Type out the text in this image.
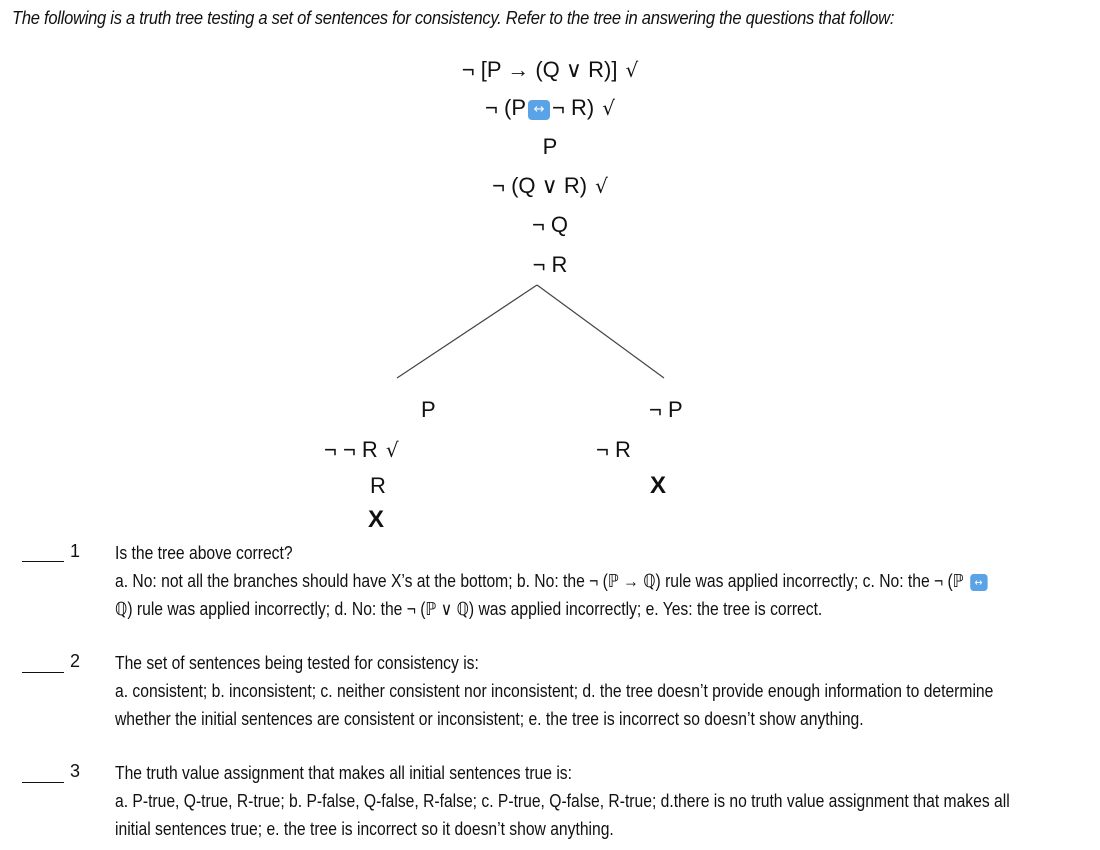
The following is a truth tree testing a set of sentences for consistency. Refer to the tree in answering the questions that follow:
¬ [P → (Q ∨ R)] √
¬ (P ↔ ¬ R) √
P
¬ (Q ∨ R) √
¬ Q
¬ R
P
¬ ¬ R √
R
X
¬ P
¬ R
X
1 Is the tree above correct?

a. No: not all the branches should have X’s at the bottom; b. No: the ¬ (ℙ → ℚ) rule was applied incorrectly; c. No: the ¬ (ℙ ↔

ℚ) rule was applied incorrectly; d. No: the ¬ (ℙ ∨ ℚ) was applied incorrectly; e. Yes: the tree is correct.

2 The set of sentences being tested for consistency is:

a. consistent; b. inconsistent; c. neither consistent nor inconsistent; d. the tree doesn’t provide enough information to determine

whether the initial sentences are consistent or inconsistent; e. the tree is incorrect so doesn’t show anything.

3 The truth value assignment that makes all initial sentences true is:

a. P-true, Q-true, R-true; b. P-false, Q-false, R-false; c. P-true, Q-false, R-true; d.there is no truth value assignment that makes all

initial sentences true; e. the tree is incorrect so it doesn’t show anything.
